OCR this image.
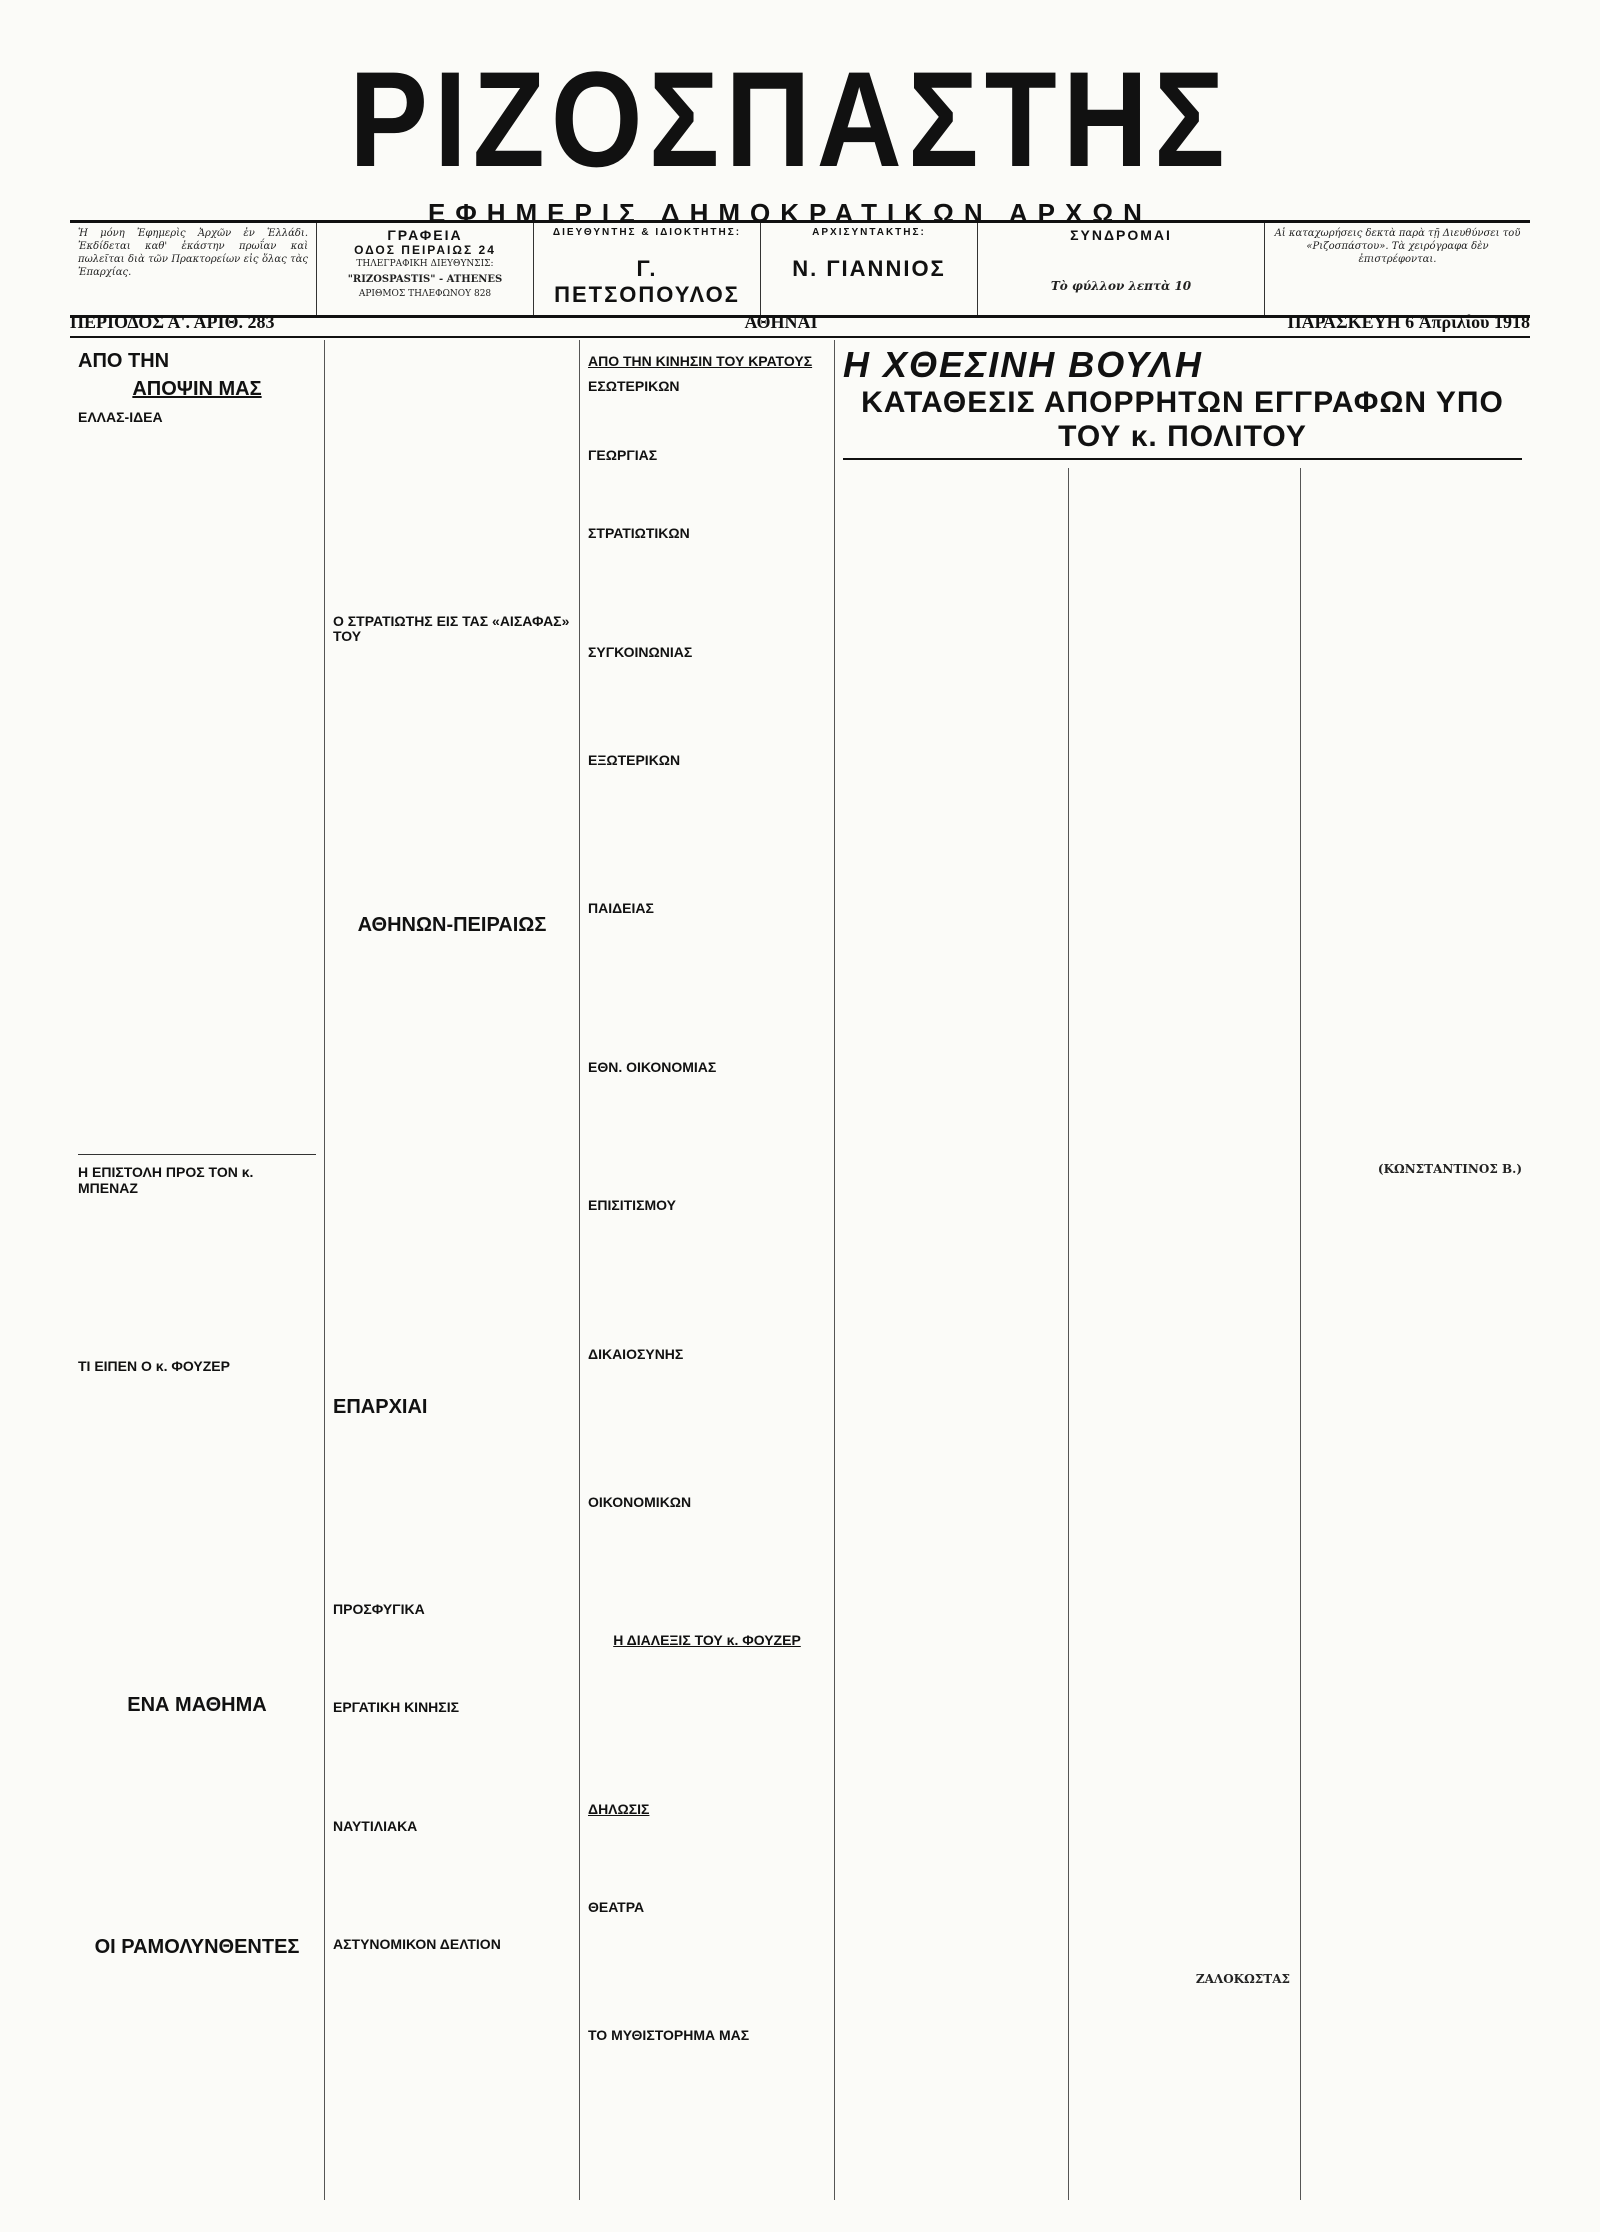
ΡΙΖΟΣΠΑΣΤΗΣ
ΕΦΗΜΕΡΙΣ ΔΗΜΟΚΡΑΤΙΚΩΝ ΑΡΧΩΝ
Ἡ μόνη Ἐφημερὶς Ἀρχῶν ἐν Ἑλλάδι. Ἐκδίδεται καθ' ἑκάστην πρωΐαν καὶ πωλεῖται διὰ τῶν Πρακτορείων εἰς ὅλας τὰς Ἐπαρχίας.
ΓΡΑΦΕΙΑ
ΟΔΟΣ ΠΕΙΡΑΙΩΣ 24
ΤΗΛΕΓΡΑΦΙΚΗ ΔΙΕΥΘΥΝΣΙΣ:
"RIZOSPASTIS" - ATHENES
ΑΡΙΘΜΟΣ ΤΗΛΕΦΩΝΟΥ 828
ΔΙΕΥΘΥΝΤΗΣ & ΙΔΙΟΚΤΗΤΗΣ:
Γ. ΠΕΤΣΟΠΟΥΛΟΣ
ΑΡΧΙΣΥΝΤΑΚΤΗΣ:
Ν. ΓΙΑΝΝΙΟΣ
ΣΥΝΔΡΟΜΑΙ
Τὸ φύλλον λεπτὰ 10
Αἱ καταχωρήσεις δεκτὰ παρὰ τῇ Διευθύνσει τοῦ «Ριζοσπάστου». Τὰ χειρόγραφα δὲν ἐπιστρέφονται.
ΠΕΡΙΟΔΟΣ Α'. ΑΡΙΘ. 283	ΑΘΗΝΑΙ	ΠΑΡΑΣΚΕΥΗ 6 Ἀπριλίου 1918
ΑΠΟ ΤΗΝ
ΑΠΟΨΙΝ ΜΑΣ
ΕΛΛΑΣ-ΙΔΕΑ
Η ΕΠΙΣΤΟΛΗ ΠΡΟΣ ΤΟΝ κ. ΜΠΕΝΑΖ
ΤΙ ΕΙΠΕΝ Ο κ. ΦΟΥΖΕΡ
ΕΝΑ ΜΑΘΗΜΑ
ΟΙ ΡΑΜΟΛΥΝΘΕΝΤΕΣ
Ο ΣΤΡΑΤΙΩΤΗΣ ΕΙΣ ΤΑΣ «ΑΙΣΑΦΑΣ» ΤΟΥ
ΑΘΗΝΩΝ-ΠΕΙΡΑΙΩΣ
ΕΠΑΡΧΙΑΙ
ΠΡΟΣΦΥΓΙΚΑ
ΕΡΓΑΤΙΚΗ ΚΙΝΗΣΙΣ
ΝΑΥΤΙΛΙΑΚΑ
ΑΣΤΥΝΟΜΙΚΟΝ ΔΕΛΤΙΟΝ
ΑΠΟ ΤΗΝ ΚΙΝΗΣΙΝ ΤΟΥ ΚΡΑΤΟΥΣ
ΕΣΩΤΕΡΙΚΩΝ
ΓΕΩΡΓΙΑΣ
ΣΤΡΑΤΙΩΤΙΚΩΝ
ΣΥΓΚΟΙΝΩΝΙΑΣ
ΕΞΩΤΕΡΙΚΩΝ
ΠΑΙΔΕΙΑΣ
ΕΘΝ. ΟΙΚΟΝΟΜΙΑΣ
ΕΠΙΣΙΤΙΣΜΟΥ
ΔΙΚΑΙΟΣΥΝΗΣ
ΟΙΚΟΝΟΜΙΚΩΝ
Η ΔΙΑΛΕΞΙΣ ΤΟΥ κ. ΦΟΥΖΕΡ
ΔΗΛΩΣΙΣ
ΘΕΑΤΡΑ
ΤΟ ΜΥΘΙΣΤΟΡΗΜΑ ΜΑΣ
Η ΧΘΕΣΙΝΗ ΒΟΥΛΗ
ΚΑΤΑΘΕΣΙΣ ΑΠΟΡΡΗΤΩΝ ΕΓΓΡΑΦΩΝ ΥΠΟ ΤΟΥ κ. ΠΟΛΙΤΟΥ
ΖΑΛΟΚΩΣΤΑΣ
(ΚΩΝΣΤΑΝΤΙΝΟΣ Β.)
